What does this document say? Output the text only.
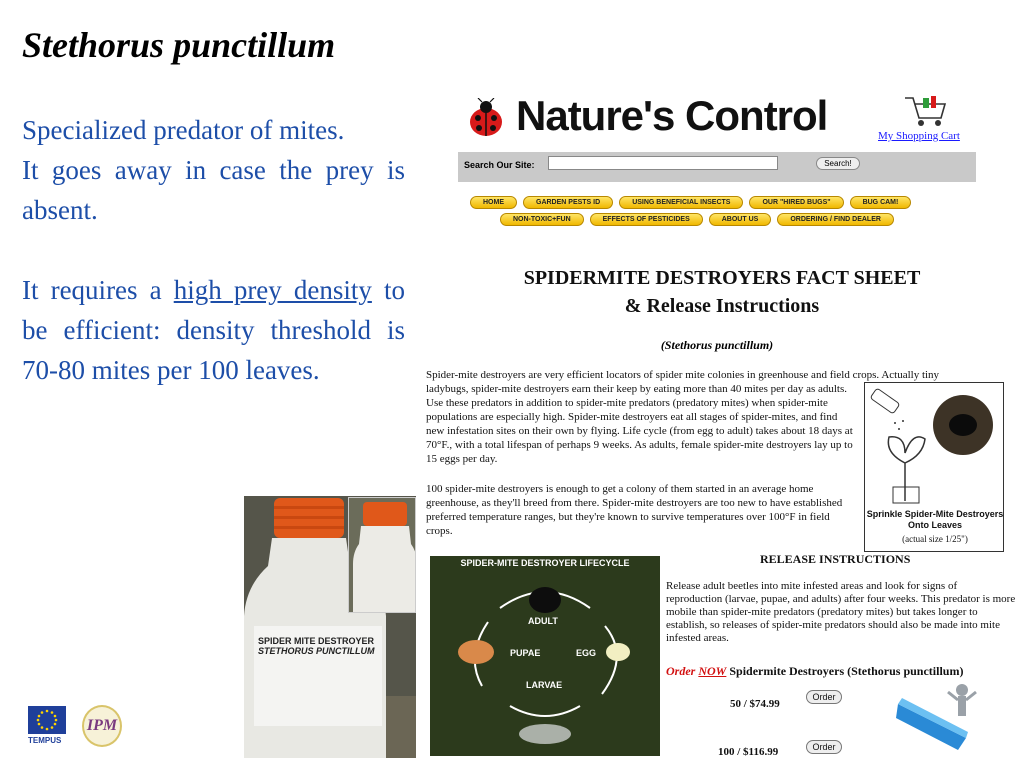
Stethorus punctillum

Specialized predator of mites.

It goes away in case the prey is absent.

It requires a high prey density to be efficient: density threshold is 70-80 mites per 100 leaves.

SPIDER MITE DESTROYER
STETHORUS PUNCTILLUM
TEMPUS
IPM
Nature's Control	My Shopping Cart
Search Our Site:	Search!
HOME	GARDEN PESTS ID	USING BENEFICIAL INSECTS	OUR "HIRED BUGS"	BUG CAM!
NON-TOXIC+FUN	EFFECTS OF PESTICIDES	ABOUT US	ORDERING / FIND DEALER
SPIDERMITE DESTROYERS FACT SHEET
& Release Instructions
(Stethorus punctillum)
Spider-mite destroyers are very efficient locators of spider mite colonies in greenhouse and field crops. Actually tiny
ladybugs, spider-mite destroyers earn their keep by eating more than 40 mites per day as adults. Use these predators in addition to spider-mite predators (predatory mites) when spider-mite populations are especially high. Spider-mite destroyers eat all stages of spider-mites, and find new infestation sites on their own by flying. Life cycle (from egg to adult) takes about 18 days at 70°F., with a total lifespan of perhaps 9 weeks. As adults, female spider-mite destroyers lay up to 15 eggs per day.
100 spider-mite destroyers is enough to get a colony of them started in an average home greenhouse, as they'll breed from there. Spider-mite destroyers are too new to have established preferred temperature ranges, but they're known to survive temperatures over 100°F in field crops.
Sprinkle Spider-Mite Destroyers Onto Leaves
(actual size 1/25")
SPIDER-MITE DESTROYER LIFECYCLE
ADULT
PUPAE	EGG
LARVAE
RELEASE INSTRUCTIONS
Release adult beetles into mite infested areas and look for signs of reproduction (larvae, pupae, and adults) after four weeks. This predator is more mobile than spider-mite predators (predatory mites) but takes longer to establish, so releases of spider-mite predators should also be made into mite infested areas.
Order NOW Spidermite Destroyers (Stethorus punctillum)
50 / $74.99
Order
100 / $116.99	Order
